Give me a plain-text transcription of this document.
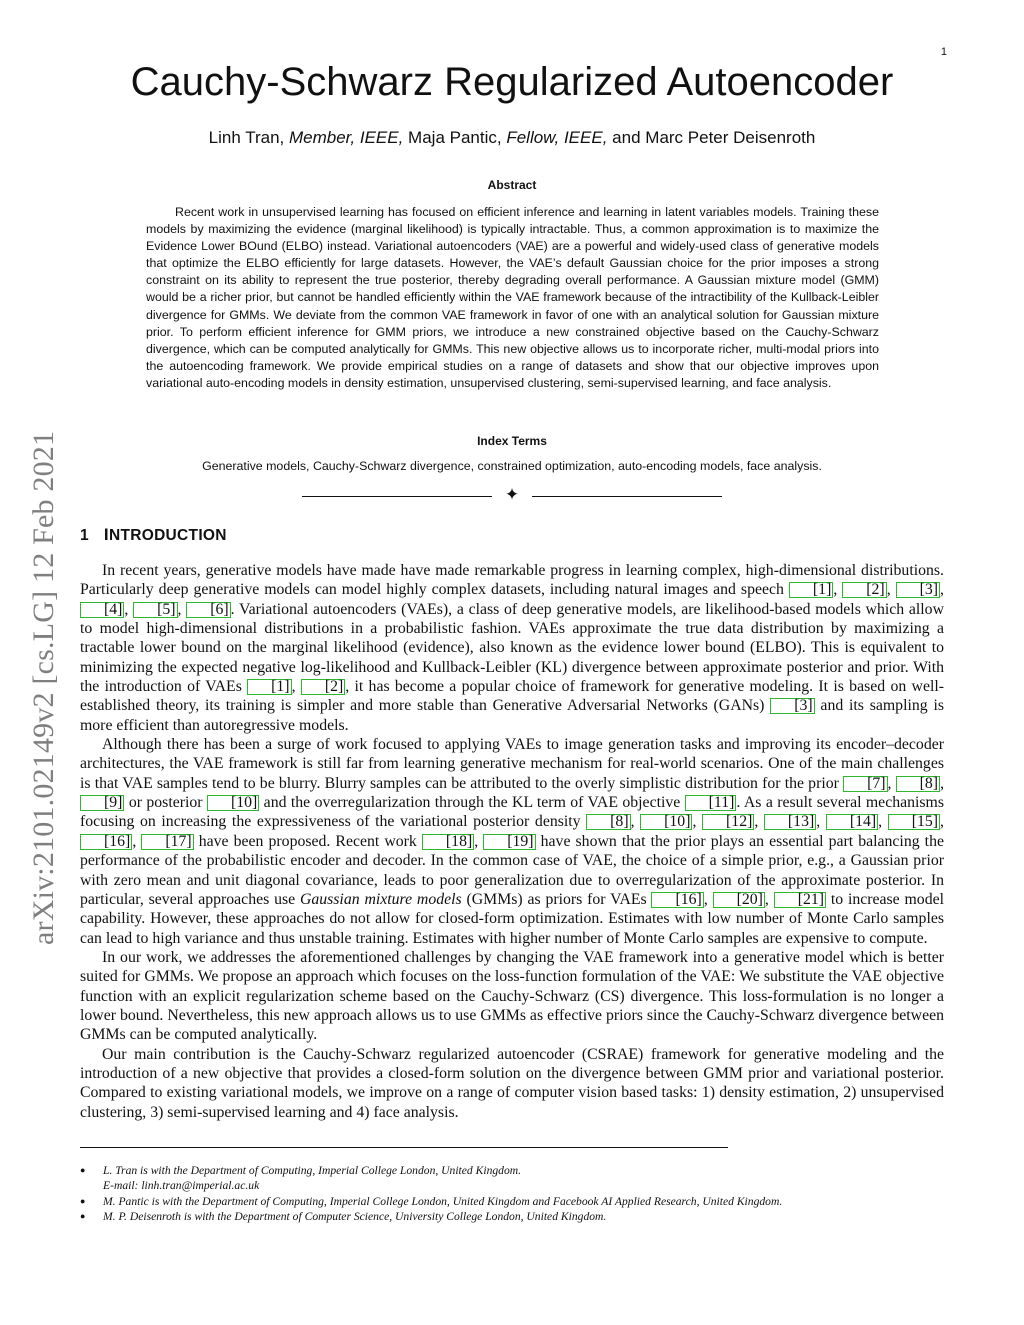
1
arXiv:2101.02149v2 [cs.LG] 12 Feb 2021
Cauchy-Schwarz Regularized Autoencoder
Linh Tran, Member, IEEE, Maja Pantic, Fellow, IEEE, and Marc Peter Deisenroth
Abstract

Recent work in unsupervised learning has focused on efficient inference and learning in latent variables models. Training these models by maximizing the evidence (marginal likelihood) is typically intractable. Thus, a common approximation is to maximize the Evidence Lower BOund (ELBO) instead. Variational autoencoders (VAE) are a powerful and widely-used class of generative models that optimize the ELBO efficiently for large datasets. However, the VAE’s default Gaussian choice for the prior imposes a strong constraint on its ability to represent the true posterior, thereby degrading overall performance. A Gaussian mixture model (GMM) would be a richer prior, but cannot be handled efficiently within the VAE framework because of the intractibility of the Kullback-Leibler divergence for GMMs. We deviate from the common VAE framework in favor of one with an analytical solution for Gaussian mixture prior. To perform efficient inference for GMM priors, we introduce a new constrained objective based on the Cauchy-Schwarz divergence, which can be computed analytically for GMMs. This new objective allows us to incorporate richer, multi-modal priors into the autoencoding framework. We provide empirical studies on a range of datasets and show that our objective improves upon variational auto-encoding models in density estimation, unsupervised clustering, semi-supervised learning, and face analysis.

Index Terms
Generative models, Cauchy-Schwarz divergence, constrained optimization, auto-encoding models, face analysis.
✦
1 INTRODUCTION

In recent years, generative models have made have made remarkable progress in learning complex, high-dimensional distributions. Particularly deep generative models can model highly complex datasets, including natural images and speech [1] , [2] , [3] , [4] , [5] , [6] . Variational autoencoders (VAEs), a class of deep generative models, are likelihood-based models which allow to model high-dimensional distributions in a probabilistic fashion. VAEs approximate the true data distribution by maximizing a tractable lower bound on the marginal likelihood (evidence), also known as the evidence lower bound (ELBO). This is equivalent to minimizing the expected negative log-likelihood and Kullback-Leibler (KL) divergence between approximate posterior and prior. With the introduction of VAEs [1] , [2] , it has become a popular choice of framework for generative modeling. It is based on well-established theory, its training is simpler and more stable than Generative Adversarial Networks (GANs) [3] and its sampling is more efficient than autoregressive models.

Although there has been a surge of work focused to applying VAEs to image generation tasks and improving its encoder–decoder architectures, the VAE framework is still far from learning generative mechanism for real-world scenarios. One of the main challenges is that VAE samples tend to be blurry. Blurry samples can be attributed to the overly simplistic distribution for the prior [7] , [8] , [9] or posterior [10] and the overregularization through the KL term of VAE objective [11] . As a result several mechanisms focusing on increasing the expressiveness of the variational posterior density [8] , [10] , [12] , [13] , [14] , [15] , [16] , [17] have been proposed. Recent work [18] , [19] have shown that the prior plays an essential part balancing the performance of the probabilistic encoder and decoder. In the common case of VAE, the choice of a simple prior, e.g., a Gaussian prior with zero mean and unit diagonal covariance, leads to poor generalization due to overregularization of the approximate posterior. In particular, several approaches use Gaussian mixture models (GMMs) as priors for VAEs [16] , [20] , [21] to increase model capability. However, these approaches do not allow for closed-form optimization. Estimates with low number of Monte Carlo samples can lead to high variance and thus unstable training. Estimates with higher number of Monte Carlo samples are expensive to compute.

In our work, we addresses the aforementioned challenges by changing the VAE framework into a generative model which is better suited for GMMs. We propose an approach which focuses on the loss-function formulation of the VAE: We substitute the VAE objective function with an explicit regularization scheme based on the Cauchy-Schwarz (CS) divergence. This loss-formulation is no longer a lower bound. Nevertheless, this new approach allows us to use GMMs as effective priors since the Cauchy-Schwarz divergence between GMMs can be computed analytically.

Our main contribution is the Cauchy-Schwarz regularized autoencoder (CSRAE) framework for generative modeling and the introduction of a new objective that provides a closed-form solution on the divergence between GMM prior and variational posterior. Compared to existing variational models, we improve on a range of computer vision based tasks: 1) density estimation, 2) unsupervised clustering, 3) semi-supervised learning and 4) face analysis.

● L. Tran is with the Department of Computing, Imperial College London, United Kingdom.
E-mail: linh.tran@imperial.ac.uk
● M. Pantic is with the Department of Computing, Imperial College London, United Kingdom and Facebook AI Applied Research, United Kingdom.
● M. P. Deisenroth is with the Department of Computer Science, University College London, United Kingdom.
